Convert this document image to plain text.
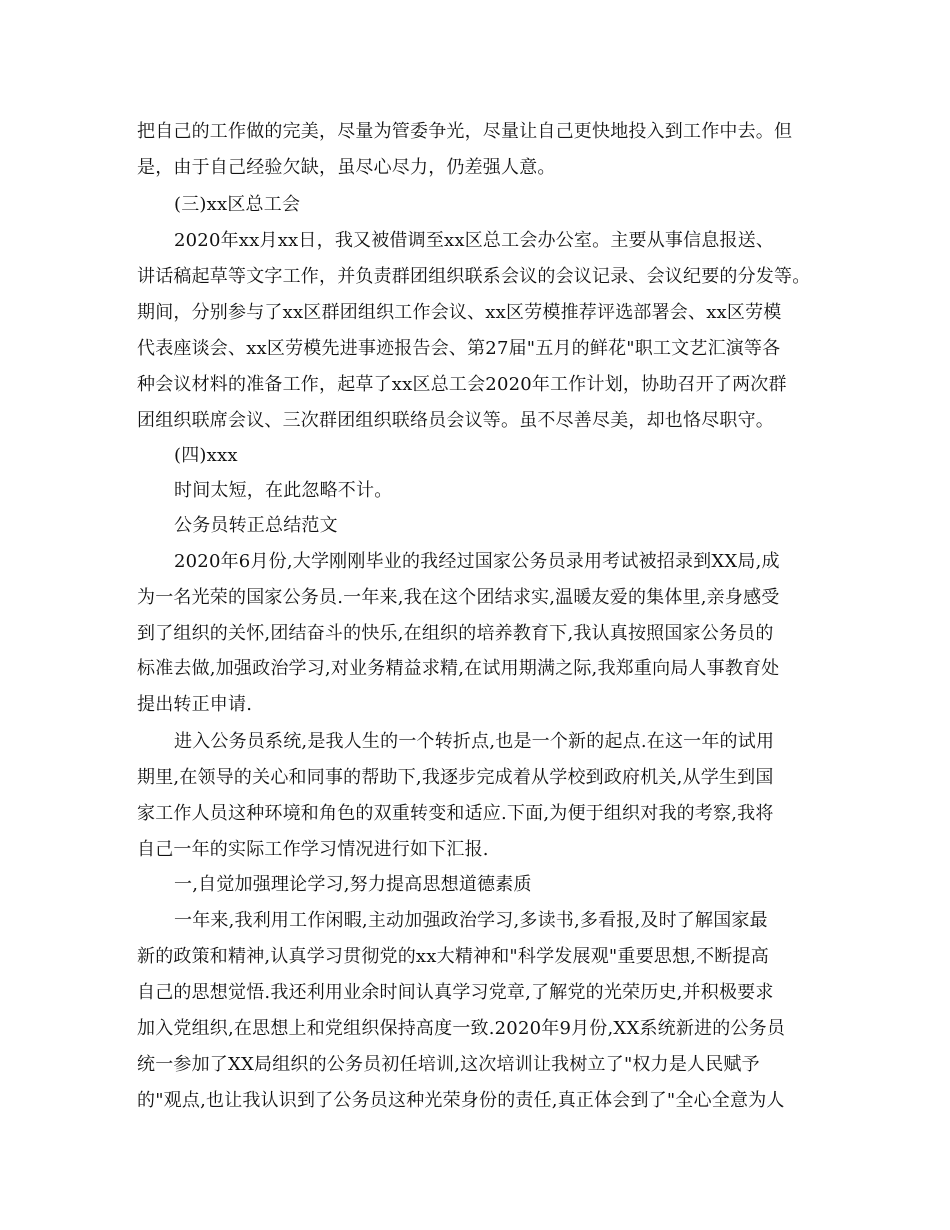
把自己的工作做的完美，尽量为管委争光，尽量让自己更快地投入到工作中去。但
是，由于自己经验欠缺，虽尽心尽力，仍差强人意。
(三)xx区总工会
2020年xx月xx日，我又被借调至xx区总工会办公室。主要从事信息报送、
讲话稿起草等文字工作，并负责群团组织联系会议的会议记录、会议纪要的分发等。
期间，分别参与了xx区群团组织工作会议、xx区劳模推荐评选部署会、xx区劳模
代表座谈会、xx区劳模先进事迹报告会、第27届"五月的鲜花"职工文艺汇演等各
种会议材料的准备工作，起草了xx区总工会2020年工作计划，协助召开了两次群
团组织联席会议、三次群团组织联络员会议等。虽不尽善尽美，却也恪尽职守。
(四)xxx
时间太短，在此忽略不计。
公务员转正总结范文
2020年6月份,大学刚刚毕业的我经过国家公务员录用考试被招录到XX局,成
为一名光荣的国家公务员.一年来,我在这个团结求实,温暖友爱的集体里,亲身感受
到了组织的关怀,团结奋斗的快乐,在组织的培养教育下,我认真按照国家公务员的
标准去做,加强政治学习,对业务精益求精,在试用期满之际,我郑重向局人事教育处
提出转正申请.
进入公务员系统,是我人生的一个转折点,也是一个新的起点.在这一年的试用
期里,在领导的关心和同事的帮助下,我逐步完成着从学校到政府机关,从学生到国
家工作人员这种环境和角色的双重转变和适应.下面,为便于组织对我的考察,我将
自己一年的实际工作学习情况进行如下汇报.
一,自觉加强理论学习,努力提高思想道德素质
一年来,我利用工作闲暇,主动加强政治学习,多读书,多看报,及时了解国家最
新的政策和精神,认真学习贯彻党的xx大精神和"科学发展观"重要思想,不断提高
自己的思想觉悟.我还利用业余时间认真学习党章,了解党的光荣历史,并积极要求
加入党组织,在思想上和党组织保持高度一致.2020年9月份,XX系统新进的公务员
统一参加了XX局组织的公务员初任培训,这次培训让我树立了"权力是人民赋予
的"观点,也让我认识到了公务员这种光荣身份的责任,真正体会到了"全心全意为人
